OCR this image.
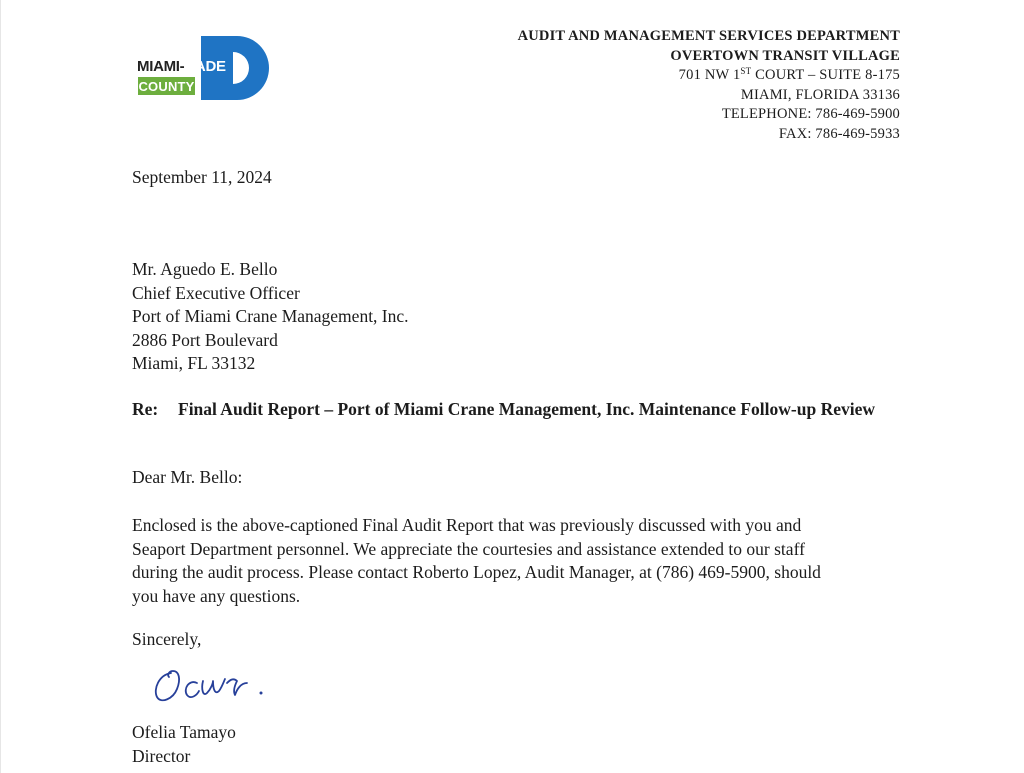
MIAMI - DADE
COUNTY
AUDIT AND MANAGEMENT SERVICES DEPARTMENT
OVERTOWN TRANSIT VILLAGE
701 NW 1ST COURT – SUITE 8-175
MIAMI, FLORIDA 33136
TELEPHONE: 786-469-5900
FAX: 786-469-5933
September 11, 2024
Mr. Aguedo E. Bello
Chief Executive Officer
Port of Miami Crane Management, Inc.
2886 Port Boulevard
Miami, FL 33132
Re:	Final Audit Report – Port of Miami Crane Management, Inc. Maintenance Follow-up Review
Dear Mr. Bello:
Enclosed is the above-captioned Final Audit Report that was previously discussed with you and
Seaport Department personnel. We appreciate the courtesies and assistance extended to our staff
during the audit process. Please contact Roberto Lopez, Audit Manager, at (786) 469-5900, should
you have any questions.
Sincerely,
Ofelia Tamayo
Director
